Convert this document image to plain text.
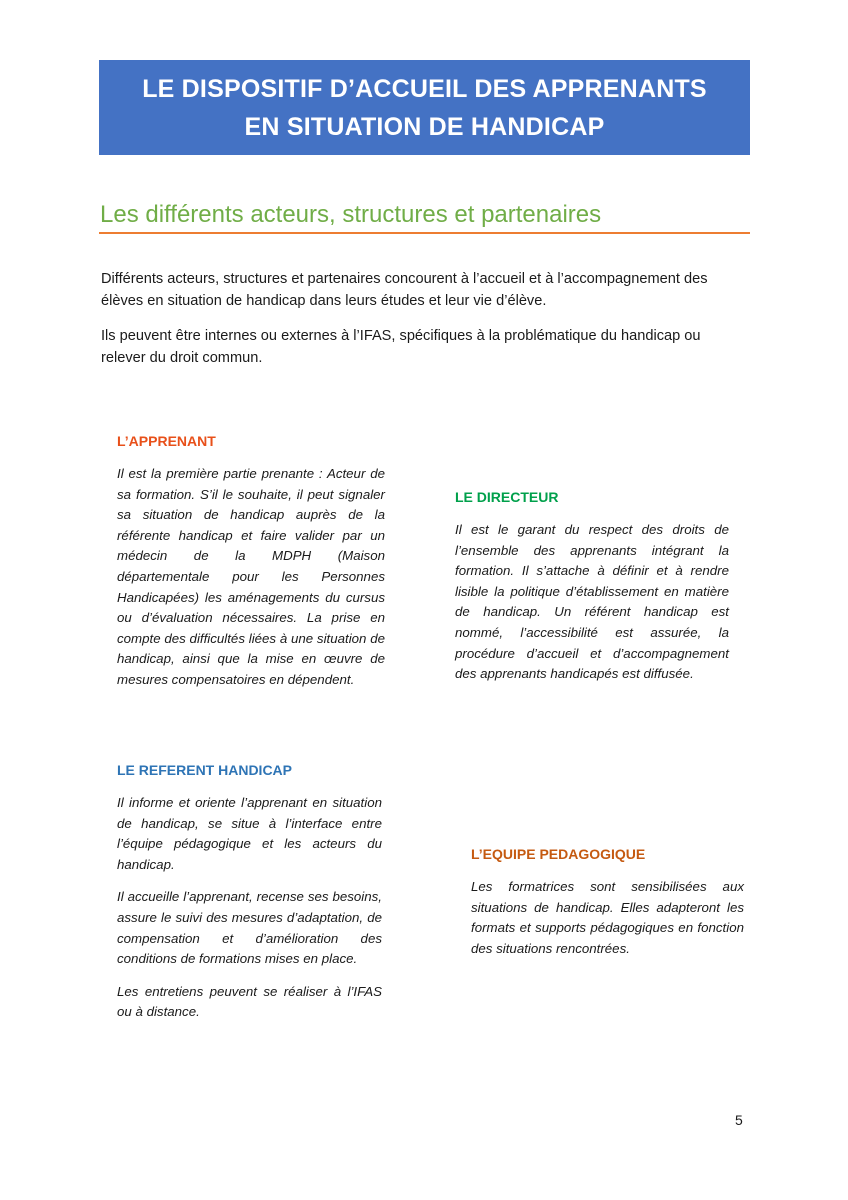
LE DISPOSITIF D’ACCUEIL DES APPRENANTS
EN SITUATION DE HANDICAP
Les différents acteurs, structures et partenaires
Différents acteurs, structures et partenaires concourent à l’accueil et à l’accompagnement des élèves en situation de handicap dans leurs études et leur vie d’élève.
Ils peuvent être internes ou externes à l’IFAS, spécifiques à la problématique du handicap ou relever du droit commun.
L’APPRENANT

Il est la première partie prenante : Acteur de sa formation. S’il le souhaite, il peut signaler sa situation de handicap auprès de la référente handicap et faire valider par un médecin de la MDPH (Maison départementale pour les Personnes Handicapées) les aménagements du cursus ou d’évaluation nécessaires. La prise en compte des difficultés liées à une situation de handicap, ainsi que la mise en œuvre de mesures compensatoires en dépendent.

LE DIRECTEUR

Il est le garant du respect des droits de l’ensemble des apprenants intégrant la formation. Il s’attache à définir et à rendre lisible la politique d’établissement en matière de handicap. Un référent handicap est nommé, l’accessibilité est assurée, la procédure d’accueil et d’accompagnement des apprenants handicapés est diffusée.

LE REFERENT HANDICAP

Il informe et oriente l’apprenant en situation de handicap, se situe à l’interface entre l’équipe pédagogique et les acteurs du handicap.

Il accueille l’apprenant, recense ses besoins, assure le suivi des mesures d’adaptation, de compensation et d’amélioration des conditions de formations mises en place.

Les entretiens peuvent se réaliser à l’IFAS ou à distance.

L’EQUIPE PEDAGOGIQUE

Les formatrices sont sensibilisées aux situations de handicap. Elles adapteront les formats et supports pédagogiques en fonction des situations rencontrées.

5
